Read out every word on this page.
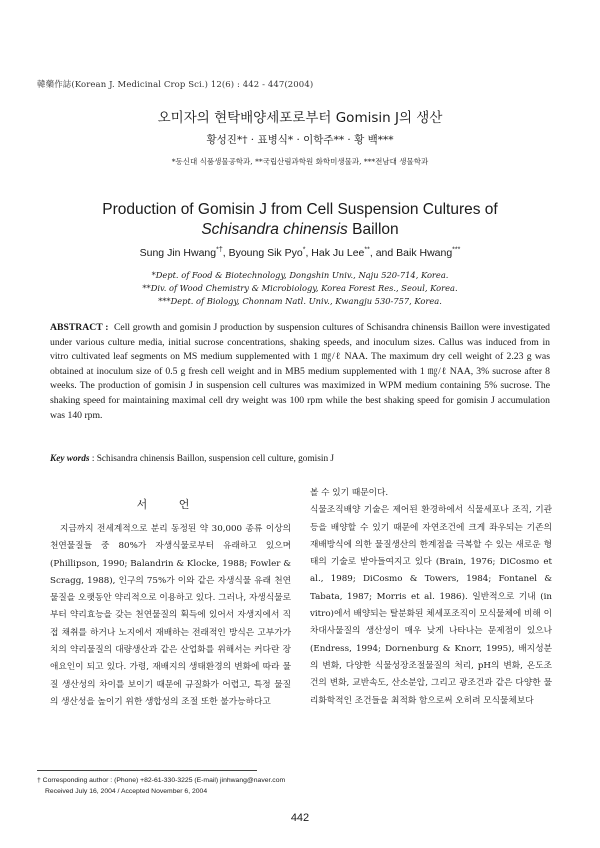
韓藥作誌(Korean J. Medicinal Crop Sci.) 12(6) : 442 - 447(2004)
오미자의 현탁배양세포로부터 Gomisin J의 생산
황성진*† · 표병식* · 이학주** · 황 백***
*동신대 식품생물공학과, **국립산림과학원 화학미생물과, ***전남대 생물학과
Production of Gomisin J from Cell Suspension Cultures of
Schisandra chinensis Baillon
Sung Jin Hwang*†, Byoung Sik Pyo*, Hak Ju Lee**, and Baik Hwang***
*Dept. of Food & Biotechnology, Dongshin Univ., Naju 520-714, Korea.
**Div. of Wood Chemistry & Microbiology, Korea Forest Res., Seoul, Korea.
***Dept. of Biology, Chonnam Natl. Univ., Kwangju 530-757, Korea.
ABSTRACT : Cell growth and gomisin J production by suspension cultures of Schisandra chinensis Baillon were investigated under various culture media, initial sucrose concentrations, shaking speeds, and inoculum sizes. Callus was induced from in vitro cultivated leaf segments on MS medium supplemented with 1 ㎎/ℓ NAA. The maximum dry cell weight of 2.23 g was obtained at inoculum size of 0.5 g fresh cell weight and in MB5 medium supplemented with 1 ㎎/ℓ NAA, 3% sucrose after 8 weeks. The production of gomisin J in suspension cell cultures was maximized in WPM medium containing 5% sucrose. The shaking speed for maintaining maximal cell dry weight was 100 rpm while the best shaking speed for gomisin J accumulation was 140 rpm.
Key words : Schisandra chinensis Baillon, suspension cell culture, gomisin J
서 언
지금까지 전세계적으로 분리 동정된 약 30,000 종류 이상의 천연물질들 중 80%가 자생식물로부터 유래하고 있으며 (Phillipson, 1990; Balandrin & Klocke, 1988; Fowler & Scragg, 1988), 인구의 75%가 이와 같은 자생식물 유래 천연물질을 오랫동안 약리적으로 이용하고 있다. 그러나, 자생식물로부터 약리효능을 갖는 천연물질의 획득에 있어서 자생지에서 직접 채취를 하거나 노지에서 재배하는 전래적인 방식은 고부가가치의 약리물질의 대량생산과 같은 산업화를 위해서는 커다란 장애요인이 되고 있다. 가령, 재배지의 생태환경의 변화에 따라 물질 생산성의 차이를 보이기 때문에 규질화가 어렵고, 특정 물질의 생산성을 높이기 위한 생합성의 조절 또한 불가능하다고
볼 수 있기 때문이다.
식물조직배양 기술은 제어된 환경하에서 식물세포나 조직, 기관등을 배양할 수 있기 때문에 자연조건에 크게 좌우되는 기존의 재배방식에 의한 물질생산의 한계점을 극복할 수 있는 새로운 형태의 기술로 받아들여지고 있다 (Brain, 1976; DiCosmo et al., 1989; DiCosmo & Towers, 1984; Fontanel & Tabata, 1987; Morris et al. 1986). 일반적으로 기내 (in vitro)에서 배양되는 탈분화된 체세포조직이 모식물체에 비해 이차대사물질의 생산성이 매우 낮게 나타나는 문제점이 있으나 (Endress, 1994; Dornenburg & Knorr, 1995), 배지성분의 변화, 다양한 식물성장조절물질의 처리, pH의 변화, 온도조건의 변화, 교반속도, 산소분압, 그리고 광조건과 같은 다양한 물리화학적인 조건들을 최적화 함으로써 오히려 모식물체보다
† Corresponding author : (Phone) +82-61-330-3225 (E-mail) jinhwang@naver.com
Received July 16, 2004 / Accepted November 6, 2004
442
